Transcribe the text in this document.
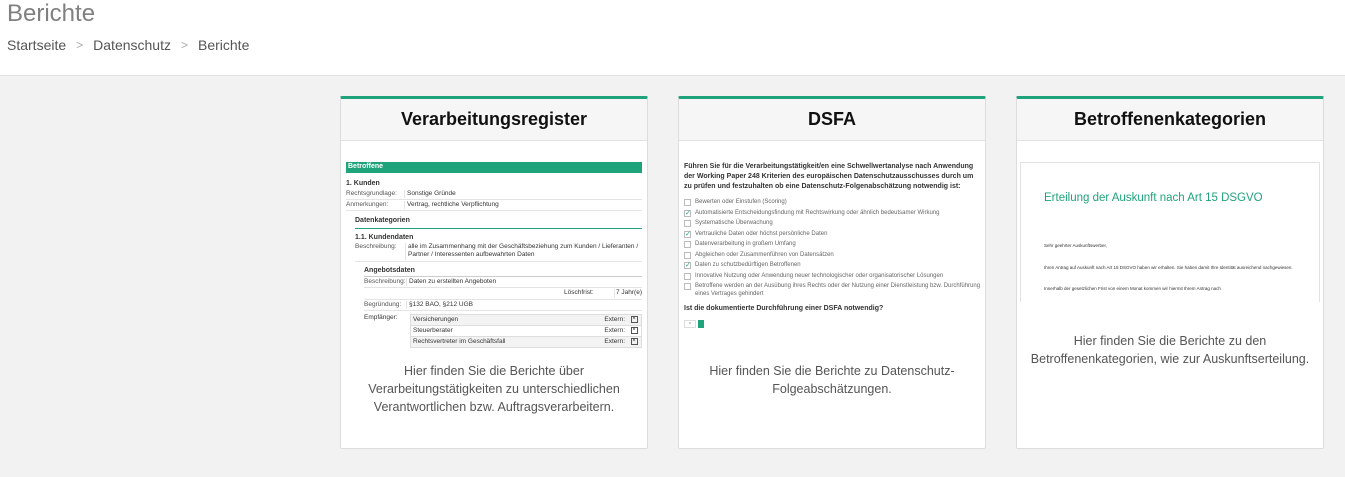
Berichte
Startseite > Datenschutz > Berichte
Verarbeitungsregister
Betroffene
1. Kunden
Rechtsgrundlage:	Sonstige Gründe
Anmerkungen:	Vertrag, rechtliche Verpflichtung
Datenkategorien
1.1. Kundendaten
Beschreibung:	alle im Zusammenhang mit der Geschäftsbeziehung zum Kunden / Lieferanten / Partner / Interessenten aufbewahrten Daten
Angebotsdaten
Beschreibung: Daten zu erstellten Angeboten
Löschfrist:	7 Jahr(e)
Begründung:	§132 BAO, §212 UGB
Empfänger:	Versicherungen	Extern:	×
Steuerberater	Extern:	×
Rechtsvertreter im Geschäftsfall	Extern:	×

Hier finden Sie die Berichte über Verarbeitungstätigkeiten zu unterschiedlichen Verantwortlichen bzw. Auftragsverarbeitern.

DSFA
Führen Sie für die Verarbeitungstätigkeit/en eine Schwellwertanalyse nach Anwendung der Working Paper 248 Kriterien des europäischen Datenschutzausschusses durch um zu prüfen und festzuhalten ob eine Datenschutz-Folgenabschätzung notwendig ist:
Bewerten oder Einstufen (Scoring)
✓ Automatisierte Entscheidungsfindung mit Rechtswirkung oder ähnlich bedeutsamer Wirkung
Systematische Überwachung
✓ Vertrauliche Daten oder höchst persönliche Daten
Datenverarbeitung in großem Umfang
Abgleichen oder Zusammenführen von Datensätzen
✓ Daten zu schutzbedürftigen Betroffenen
Innovative Nutzung oder Anwendung neuer technologischer oder organisatorischer Lösungen
Betroffene werden an der Ausübung ihres Rechts oder der Nutzung einer Dienstleistung bzw. Durchführung eines Vertrages gehindert
Ist die dokumentierte Durchführung einer DSFA notwendig?
×

Hier finden Sie die Berichte zu Datenschutz-Folgeabschätzungen.

Betroffenenkategorien
Erteilung der Auskunft nach Art 15 DSGVO
Sehr geehrter Auskunftswerber,
Ihren Antrag auf Auskunft nach Art 15 DSGVO haben wir erhalten. Sie haben damit Ihre Identität ausreichend nachgewiesen.
Innerhalb der gesetzlichen Frist von einem Monat kommen wir hiermit Ihrem Antrag nach

Hier finden Sie die Berichte zu den Betroffenenkategorien, wie zur Auskunftserteilung.
